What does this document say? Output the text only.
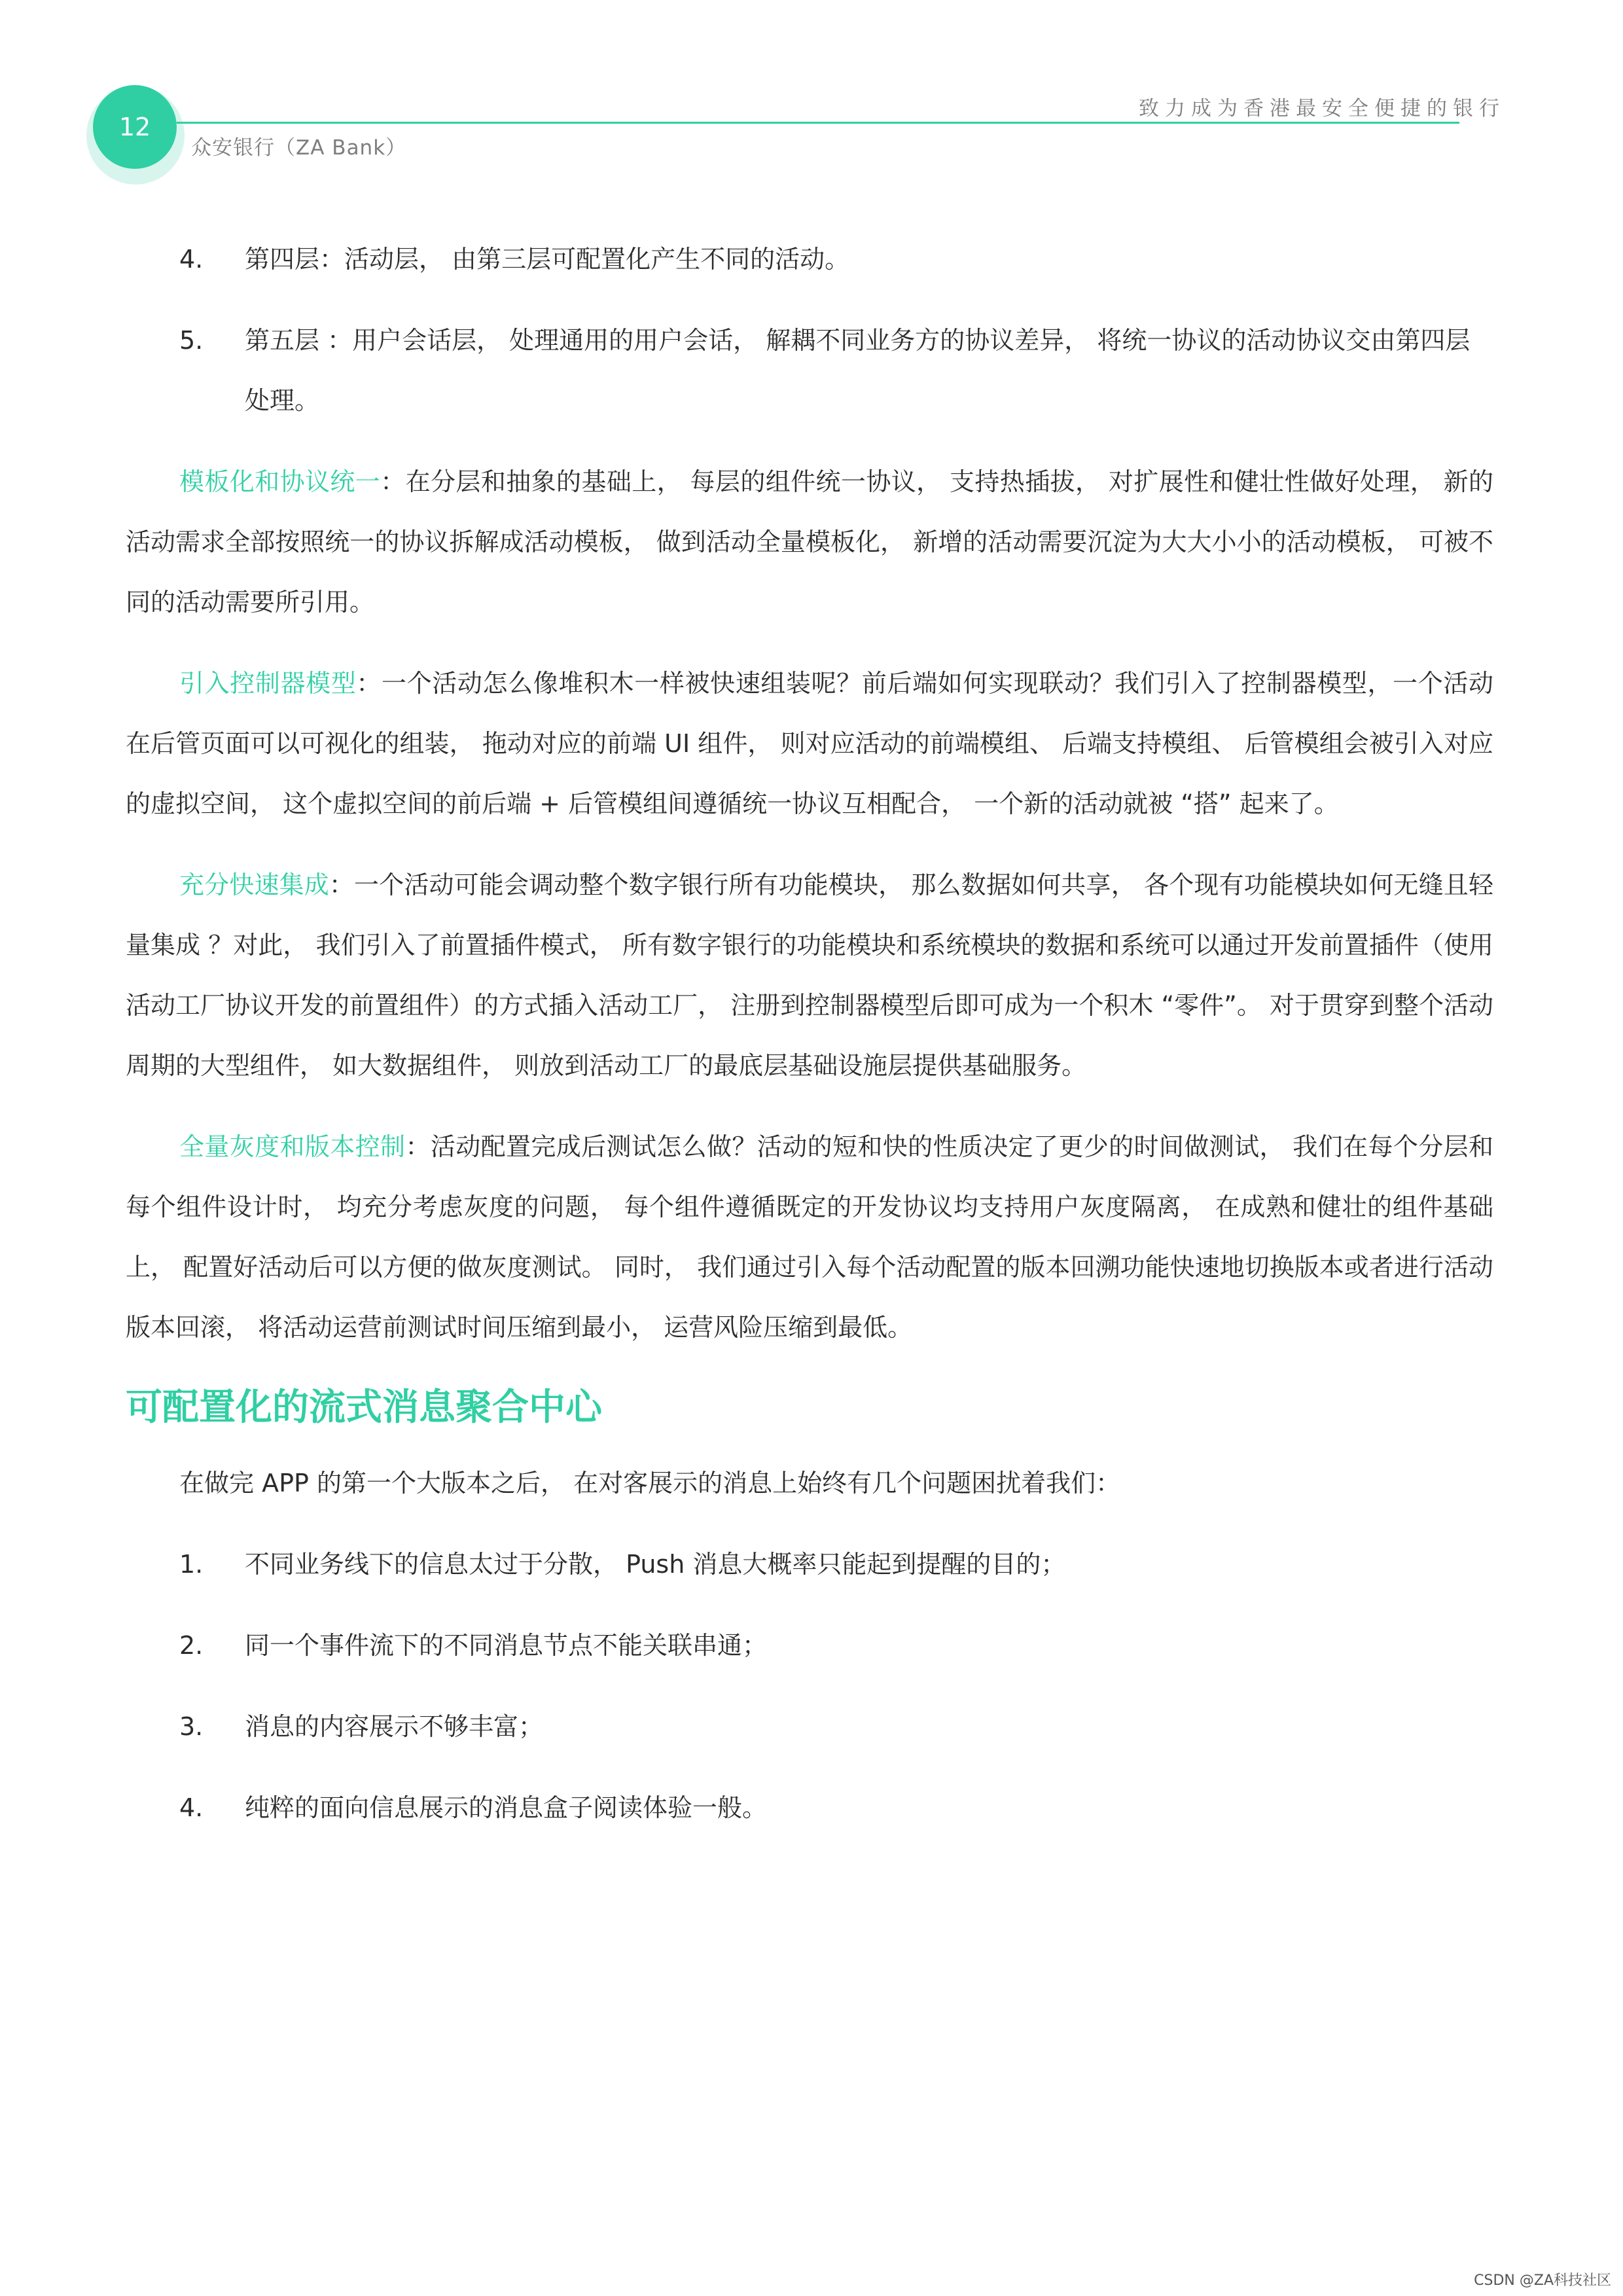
12
致力成为香港最安全便捷的银行
众安银行（ZA Bank）
4.	第四层：活动层， 由第三层可配置化产生不同的活动。
5.	第五层 ：用户会话层， 处理通用的用户会话， 解耦不同业务方的协议差异， 将统一协议的活动协议交由第四层处理。

模板化和协议统一：在分层和抽象的基础上， 每层的组件统一协议， 支持热插拔， 对扩展性和健壮性做好处理， 新的活动需求全部按照统一的协议拆解成活动模板， 做到活动全量模板化， 新增的活动需要沉淀为大大小小的活动模板， 可被不同的活动需要所引用。

引入控制器模型：一个活动怎么像堆积木一样被快速组装呢？前后端如何实现联动？我们引入了控制器模型，一个活动在后管页面可以可视化的组装， 拖动对应的前端 UI 组件， 则对应活动的前端模组、 后端支持模组、 后管模组会被引入对应的虚拟空间， 这个虚拟空间的前后端 + 后管模组间遵循统一协议互相配合， 一个新的活动就被 “搭” 起来了。

充分快速集成：一个活动可能会调动整个数字银行所有功能模块， 那么数据如何共享， 各个现有功能模块如何无缝且轻量集成 ？对此， 我们引入了前置插件模式， 所有数字银行的功能模块和系统模块的数据和系统可以通过开发前置插件（使用活动工厂协议开发的前置组件）的方式插入活动工厂， 注册到控制器模型后即可成为一个积木 “零件”。 对于贯穿到整个活动周期的大型组件， 如大数据组件， 则放到活动工厂的最底层基础设施层提供基础服务。

全量灰度和版本控制：活动配置完成后测试怎么做？活动的短和快的性质决定了更少的时间做测试， 我们在每个分层和每个组件设计时， 均充分考虑灰度的问题， 每个组件遵循既定的开发协议均支持用户灰度隔离， 在成熟和健壮的组件基础上， 配置好活动后可以方便的做灰度测试。 同时， 我们通过引入每个活动配置的版本回溯功能快速地切换版本或者进行活动版本回滚， 将活动运营前测试时间压缩到最小， 运营风险压缩到最低。

可配置化的流式消息聚合中心

在做完 APP 的第一个大版本之后， 在对客展示的消息上始终有几个问题困扰着我们：

1.	不同业务线下的信息太过于分散， Push 消息大概率只能起到提醒的目的；
2.	同一个事件流下的不同消息节点不能关联串通；
3.	消息的内容展示不够丰富；
4.	纯粹的面向信息展示的消息盒子阅读体验一般。
CSDN @ZA科技社区
